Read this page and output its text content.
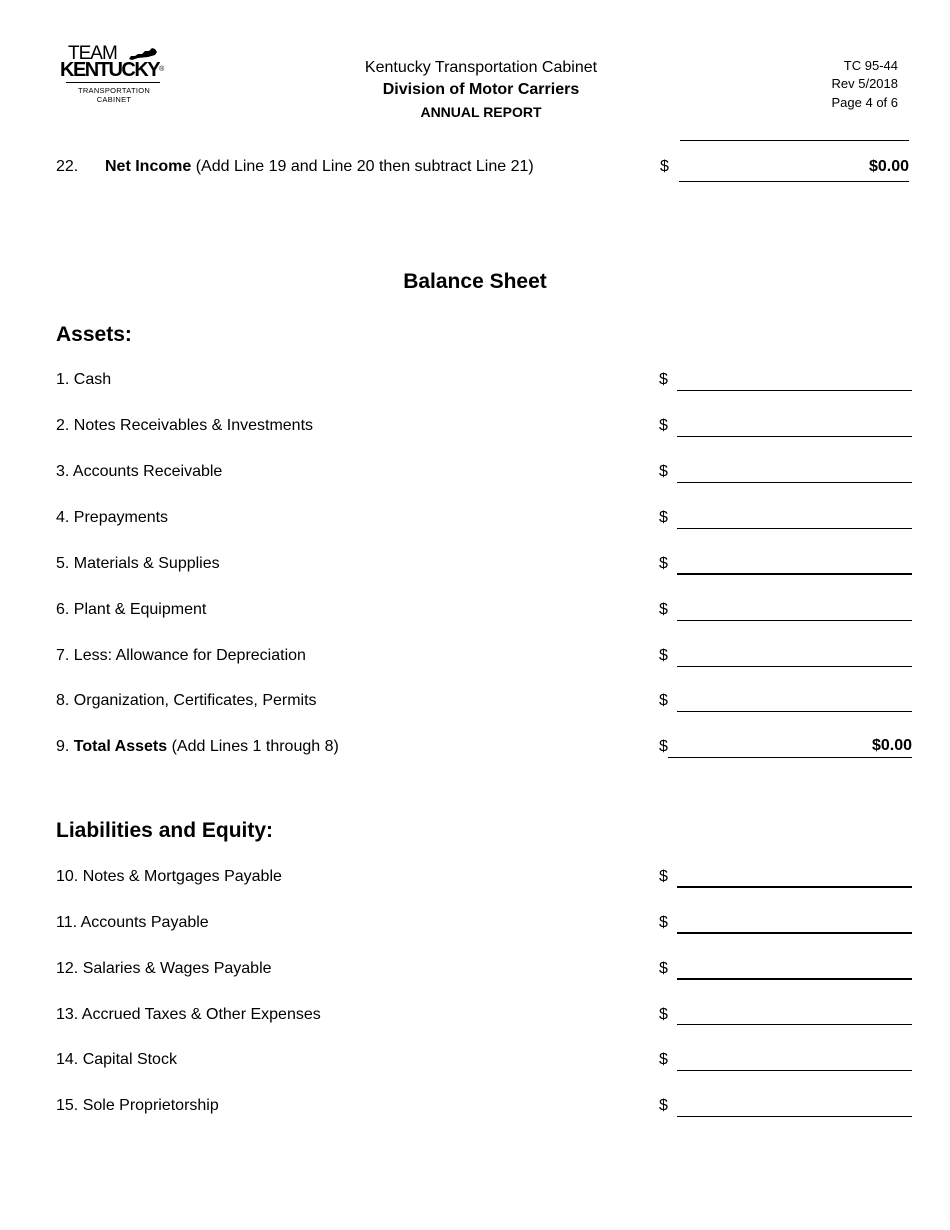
TEAM
KENTUCKY®
TRANSPORTATION
CABINET
Kentucky Transportation Cabinet
Division of Motor Carriers
ANNUAL REPORT
TC 95-44
Rev 5/2018
Page 4 of 6
22. Net Income (Add Line 19 and Line 20 then subtract Line 21)	$	$0.00
Balance Sheet
Assets:
1. Cash	$
2. Notes Receivables & Investments	$
3. Accounts Receivable	$
4. Prepayments	$
5. Materials & Supplies	$
6. Plant & Equipment	$
7. Less: Allowance for Depreciation	$
8. Organization, Certificates, Permits	$
9. Total Assets (Add Lines 1 through 8)	$	$0.00
Liabilities and Equity:
10. Notes & Mortgages Payable	$
11. Accounts Payable	$
12. Salaries & Wages Payable	$
13. Accrued Taxes & Other Expenses	$
14. Capital Stock	$
15. Sole Proprietorship	$
